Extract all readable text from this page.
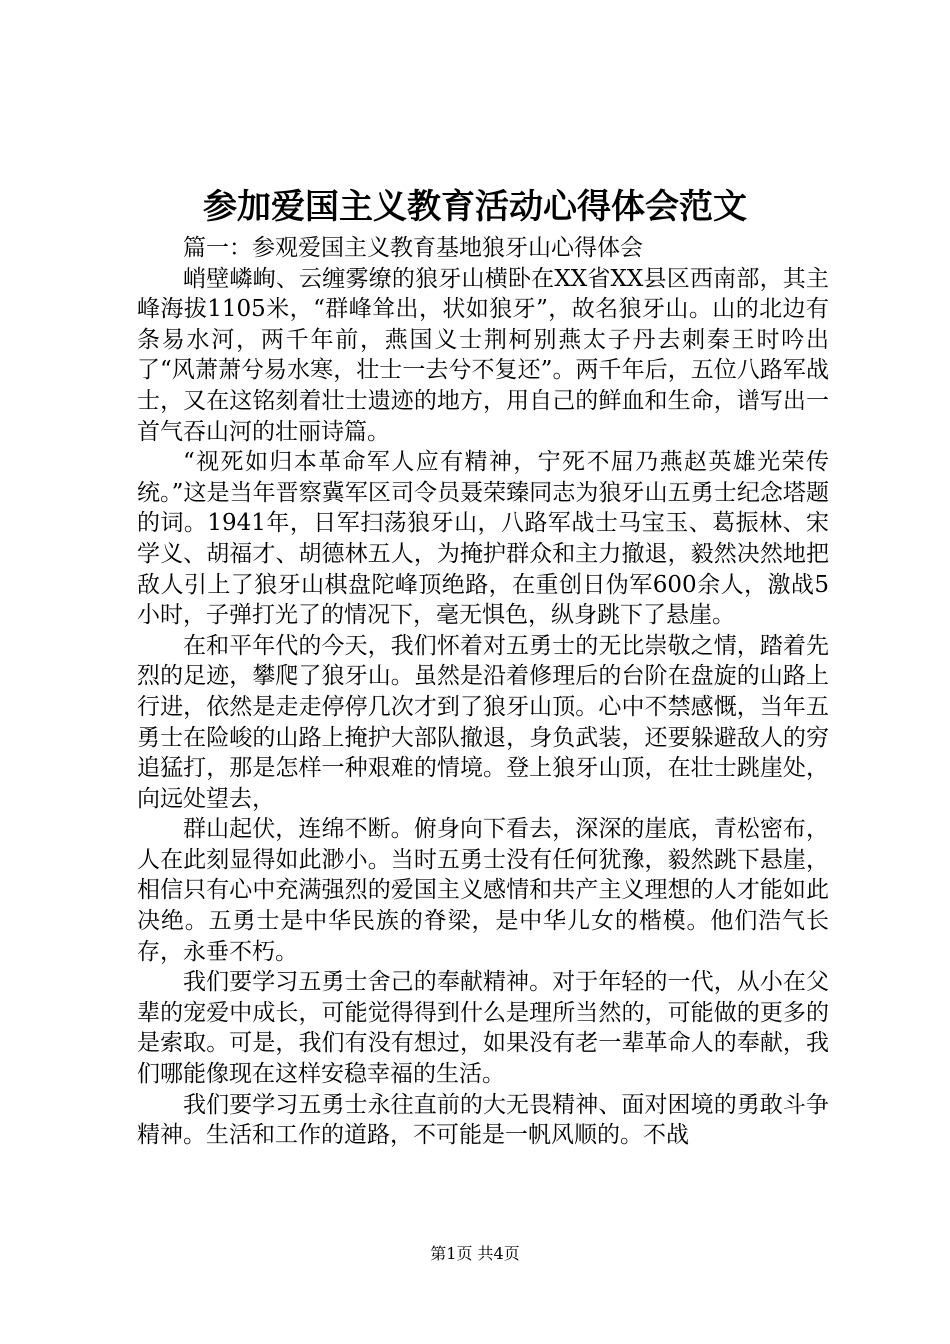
参加爱国主义教育活动心得体会范文

篇一：参观爱国主义教育基地狼牙山心得体会

峭壁嶙峋、云缠雾缭的狼牙山横卧在XX省XX县区西南部，其主峰海拔1105米，“群峰耸出，状如狼牙”，故名狼牙山。山的北边有条易水河，两千年前，燕国义士荆柯别燕太子丹去刺秦王时吟出了“风萧萧兮易水寒，壮士一去兮不复还”。两千年后，五位八路军战士，又在这铭刻着壮士遗迹的地方，用自己的鲜血和生命，谱写出一首气吞山河的壮丽诗篇。

“视死如归本革命军人应有精神，宁死不屈乃燕赵英雄光荣传统。”这是当年晋察冀军区司令员聂荣臻同志为狼牙山五勇士纪念塔题的词。1941年，日军扫荡狼牙山，八路军战士马宝玉、葛振林、宋学义、胡福才、胡德林五人，为掩护群众和主力撤退，毅然决然地把敌人引上了狼牙山棋盘陀峰顶绝路，在重创日伪军600余人，激战5小时，子弹打光了的情况下，毫无惧色，纵身跳下了悬崖。

在和平年代的今天，我们怀着对五勇士的无比崇敬之情，踏着先烈的足迹，攀爬了狼牙山。虽然是沿着修理后的台阶在盘旋的山路上行进，依然是走走停停几次才到了狼牙山顶。心中不禁感慨，当年五勇士在险峻的山路上掩护大部队撤退，身负武装，还要躲避敌人的穷追猛打，那是怎样一种艰难的情境。登上狼牙山顶，在壮士跳崖处，向远处望去，

群山起伏，连绵不断。俯身向下看去，深深的崖底，青松密布，人在此刻显得如此渺小。当时五勇士没有任何犹豫，毅然跳下悬崖，相信只有心中充满强烈的爱国主义感情和共产主义理想的人才能如此决绝。五勇士是中华民族的脊梁，是中华儿女的楷模。他们浩气长存，永垂不朽。

我们要学习五勇士舍己的奉献精神。对于年轻的一代，从小在父辈的宠爱中成长，可能觉得得到什么是理所当然的，可能做的更多的是索取。可是，我们有没有想过，如果没有老一辈革命人的奉献，我们哪能像现在这样安稳幸福的生活。

我们要学习五勇士永往直前的大无畏精神、面对困境的勇敢斗争精神。生活和工作的道路，不可能是一帆风顺的。不战

第1页 共4页
